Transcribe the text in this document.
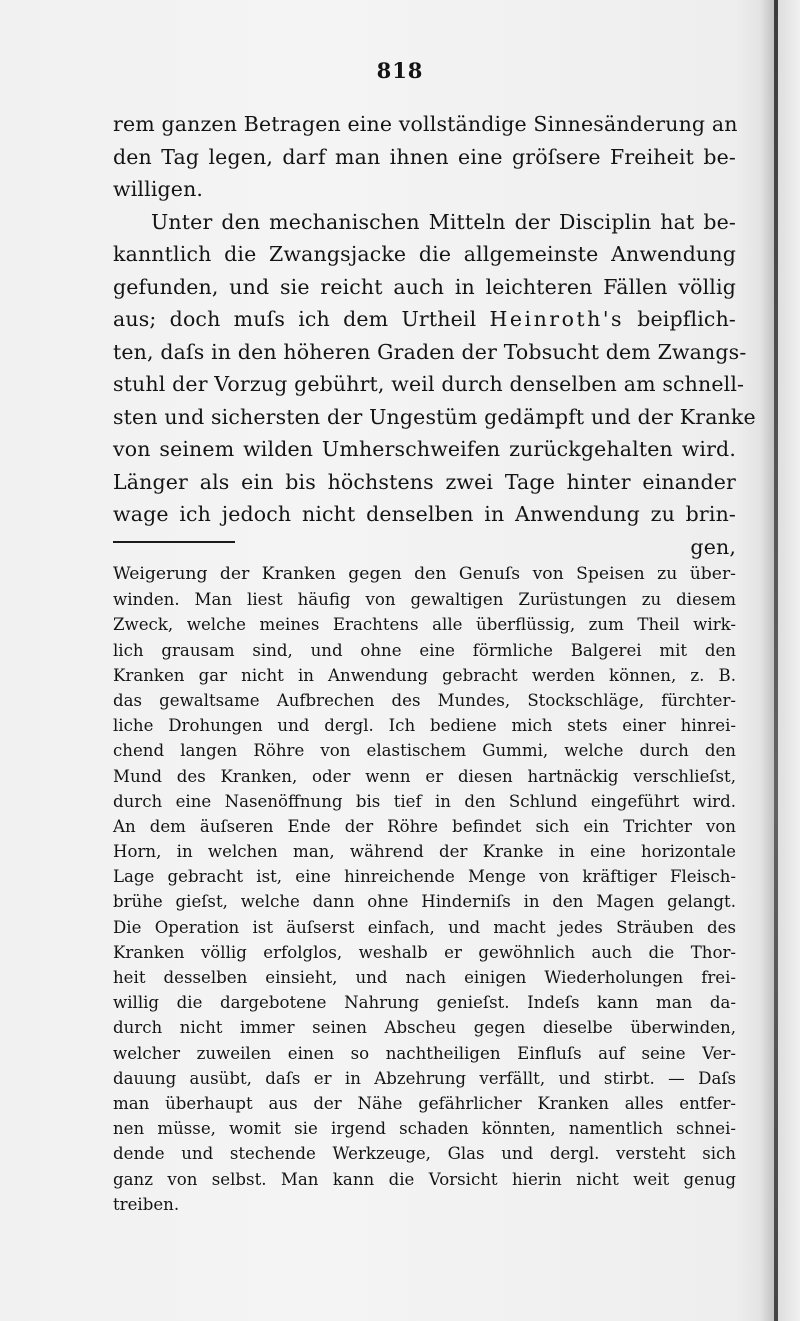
818
rem ganzen Betragen eine vollständige Sinnesänderung an
den Tag legen, darf man ihnen eine gröſsere Freiheit be-
willigen.
Unter den mechanischen Mitteln der Disciplin hat be-
kanntlich die Zwangsjacke die allgemeinste Anwendung
gefunden, und sie reicht auch in leichteren Fällen völlig
aus; doch muſs ich dem Urtheil Heinroth's beipflich-
ten, daſs in den höheren Graden der Tobsucht dem Zwangs-
stuhl der Vorzug gebührt, weil durch denselben am schnell-
sten und sichersten der Ungestüm gedämpft und der Kranke
von seinem wilden Umherschweifen zurückgehalten wird.
Länger als ein bis höchstens zwei Tage hinter einander
wage ich jedoch nicht denselben in Anwendung zu brin-
gen,
Weigerung der Kranken gegen den Genuſs von Speisen zu über-
winden. Man liest häufig von gewaltigen Zurüstungen zu diesem
Zweck, welche meines Erachtens alle überflüssig, zum Theil wirk-
lich grausam sind, und ohne eine förmliche Balgerei mit den
Kranken gar nicht in Anwendung gebracht werden können, z. B.
das gewaltsame Aufbrechen des Mundes, Stockschläge, fürchter-
liche Drohungen und dergl. Ich bediene mich stets einer hinrei-
chend langen Röhre von elastischem Gummi, welche durch den
Mund des Kranken, oder wenn er diesen hartnäckig verschlieſst,
durch eine Nasenöffnung bis tief in den Schlund eingeführt wird.
An dem äuſseren Ende der Röhre befindet sich ein Trichter von
Horn, in welchen man, während der Kranke in eine horizontale
Lage gebracht ist, eine hinreichende Menge von kräftiger Fleisch-
brühe gieſst, welche dann ohne Hinderniſs in den Magen gelangt.
Die Operation ist äuſserst einfach, und macht jedes Sträuben des
Kranken völlig erfolglos, weshalb er gewöhnlich auch die Thor-
heit desselben einsieht, und nach einigen Wiederholungen frei-
willig die dargebotene Nahrung genieſst. Indeſs kann man da-
durch nicht immer seinen Abscheu gegen dieselbe überwinden,
welcher zuweilen einen so nachtheiligen Einfluſs auf seine Ver-
dauung ausübt, daſs er in Abzehrung verfällt, und stirbt. — Daſs
man überhaupt aus der Nähe gefährlicher Kranken alles entfer-
nen müsse, womit sie irgend schaden könnten, namentlich schnei-
dende und stechende Werkzeuge, Glas und dergl. versteht sich
ganz von selbst. Man kann die Vorsicht hierin nicht weit genug
treiben.
